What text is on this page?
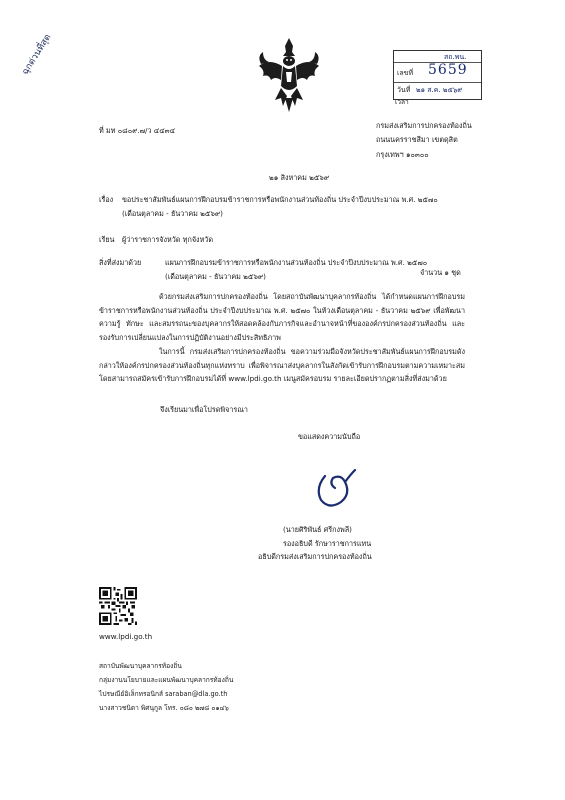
ฉุกด่วนที่สุด	สถ.พน.
เลขที่ 5659
วันที่ ๒๑ ส.ค. ๒๕๖๙
เวลา
ที่ มท ๐๘๐๙.๗/ว ๔๔๓๔
กรมส่งเสริมการปกครองท้องถิ่น
ถนนนครราชสีมา เขตดุสิต
กรุงเทพฯ ๑๐๓๐๐
๒๑ สิงหาคม ๒๕๖๙
เรื่อง ขอประชาสัมพันธ์แผนการฝึกอบรมข้าราชการหรือพนักงานส่วนท้องถิ่น ประจำปีงบประมาณ พ.ศ. ๒๕๗๐
(เดือนตุลาคม - ธันวาคม ๒๕๖๙)
เรียน ผู้ว่าราชการจังหวัด ทุกจังหวัด
สิ่งที่ส่งมาด้วย	แผนการฝึกอบรมข้าราชการหรือพนักงานส่วนท้องถิ่น ประจำปีงบประมาณ พ.ศ. ๒๕๗๐
(เดือนตุลาคม - ธันวาคม ๒๕๖๙)	จำนวน ๑ ชุด
ด้วยกรมส่งเสริมการปกครองท้องถิ่น โดยสถาบันพัฒนาบุคลากรท้องถิ่น ได้กำหนดแผนการฝึกอบรมข้าราชการหรือพนักงานส่วนท้องถิ่น ประจำปีงบประมาณ พ.ศ. ๒๕๗๐ ในห้วงเดือนตุลาคม - ธันวาคม ๒๕๖๙ เพื่อพัฒนาความรู้ ทักษะ และสมรรถนะของบุคลากรให้สอดคล้องกับภารกิจและอำนาจหน้าที่ขององค์กรปกครองส่วนท้องถิ่น และรองรับการเปลี่ยนแปลงในการปฏิบัติงานอย่างมีประสิทธิภาพ
ในการนี้ กรมส่งเสริมการปกครองท้องถิ่น ขอความร่วมมือจังหวัดประชาสัมพันธ์แผนการฝึกอบรมดังกล่าวให้องค์กรปกครองส่วนท้องถิ่นทุกแห่งทราบ เพื่อพิจารณาส่งบุคลากรในสังกัดเข้ารับการฝึกอบรมตามความเหมาะสม โดยสามารถสมัครเข้ารับการฝึกอบรมได้ที่ www.lpdi.go.th เมนูสมัครอบรม รายละเอียดปรากฏตามสิ่งที่ส่งมาด้วย
จึงเรียนมาเพื่อโปรดพิจารณา
ขอแสดงความนับถือ
(นายศิริพันธ์ ศรีกงพลี)
รองอธิบดี รักษาราชการแทน
อธิบดีกรมส่งเสริมการปกครองท้องถิ่น
www.lpdi.go.th
สถาบันพัฒนาบุคลากรท้องถิ่น
กลุ่มงานนโยบายและแผนพัฒนาบุคลากรท้องถิ่น
ไปรษณีย์อิเล็กทรอนิกส์ saraban@dla.go.th
นางสาวชนิดา พิศนุกูล โทร. ๐๘๐ ๒๗๘ ๐๑๔๖
